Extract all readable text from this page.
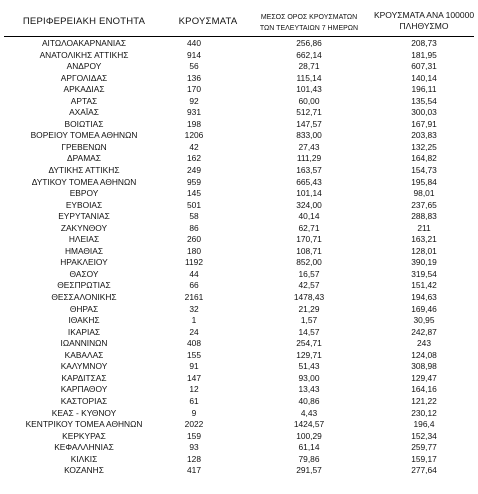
ΠΕΡΙΦΕΡΕΙΑΚΗ ΕΝΟΤΗΤΑ	ΚΡΟΥΣΜΑΤΑ	ΜΕΣΟΣ ΟΡΟΣ ΚΡΟΥΣΜΑΤΩΝ
ΤΩΝ ΤΕΛΕΥΤΑΙΩΝ 7 ΗΜΕΡΩΝ
ΚΡΟΥΣΜΑΤΑ ΑΝΑ 100000
ΠΛΗΘΥΣΜΟ
ΑΙΤΩΛΟΑΚΑΡΝΑΝΙΑΣ	440	256,86	208,73
ΑΝΑΤΟΛΙΚΗΣ ΑΤΤΙΚΗΣ	914	662,14	181,95
ΑΝΔΡΟΥ	56	28,71	607,31
ΑΡΓΟΛΙΔΑΣ	136	115,14	140,14
ΑΡΚΑΔΙΑΣ	170	101,43	196,11
ΑΡΤΑΣ	92	60,00	135,54
ΑΧΑΪΑΣ	931	512,71	300,03
ΒΟΙΩΤΙΑΣ	198	147,57	167,91
ΒΟΡΕΙΟΥ ΤΟΜΕΑ ΑΘΗΝΩΝ	1206	833,00	203,83
ΓΡΕΒΕΝΩΝ	42	27,43	132,25
ΔΡΑΜΑΣ	162	111,29	164,82
ΔΥΤΙΚΗΣ ΑΤΤΙΚΗΣ	249	163,57	154,73
ΔΥΤΙΚΟΥ ΤΟΜΕΑ ΑΘΗΝΩΝ	959	665,43	195,84
ΕΒΡΟΥ	145	101,14	98,01
ΕΥΒΟΙΑΣ	501	324,00	237,65
ΕΥΡΥΤΑΝΙΑΣ	58	40,14	288,83
ΖΑΚΥΝΘΟΥ	86	62,71	211
ΗΛΕΙΑΣ	260	170,71	163,21
ΗΜΑΘΙΑΣ	180	108,71	128,01
ΗΡΑΚΛΕΙΟΥ	1192	852,00	390,19
ΘΑΣΟΥ	44	16,57	319,54
ΘΕΣΠΡΩΤΙΑΣ	66	42,57	151,42
ΘΕΣΣΑΛΟΝΙΚΗΣ	2161	1478,43	194,63
ΘΗΡΑΣ	32	21,29	169,46
ΙΘΑΚΗΣ	1	1,57	30,95
ΙΚΑΡΙΑΣ	24	14,57	242,87
ΙΩΑΝΝΙΝΩΝ	408	254,71	243
ΚΑΒΑΛΑΣ	155	129,71	124,08
ΚΑΛΥΜΝΟΥ	91	51,43	308,98
ΚΑΡΔΙΤΣΑΣ	147	93,00	129,47
ΚΑΡΠΑΘΟΥ	12	13,43	164,16
ΚΑΣΤΟΡΙΑΣ	61	40,86	121,22
ΚΕΑΣ - ΚΥΘΝΟΥ	9	4,43	230,12
ΚΕΝΤΡΙΚΟΥ ΤΟΜΕΑ ΑΘΗΝΩΝ	2022	1424,57	196,4
ΚΕΡΚΥΡΑΣ	159	100,29	152,34
ΚΕΦΑΛΛΗΝΙΑΣ	93	61,14	259,77
ΚΙΛΚΙΣ	128	79,86	159,17
ΚΟΖΑΝΗΣ	417	291,57	277,64
